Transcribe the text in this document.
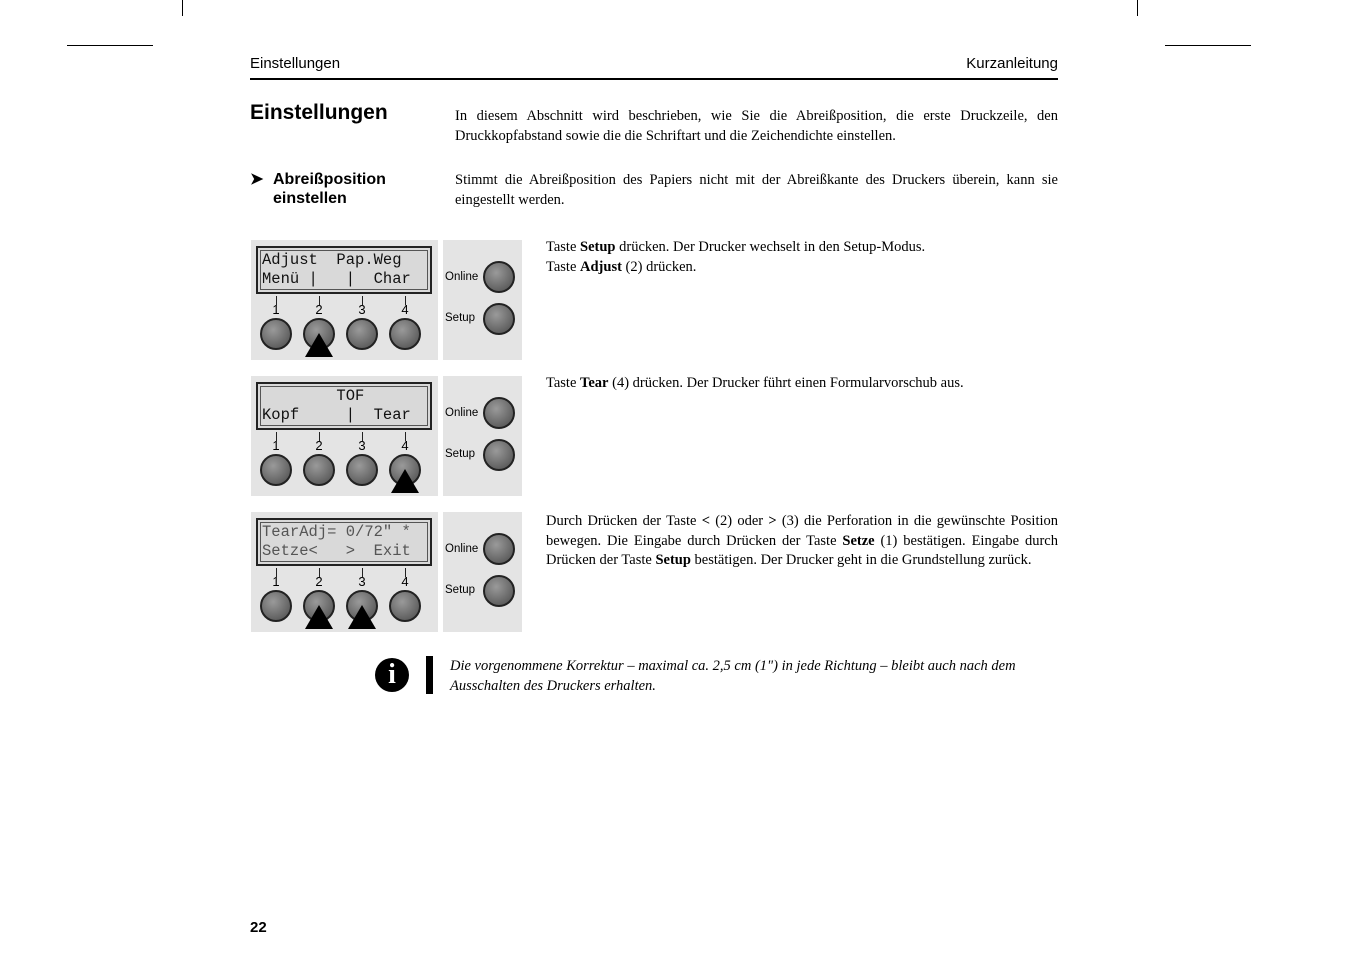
Einstellungen	Kurzanleitung
Einstellungen	In diesem Abschnitt wird beschrieben, wie Sie die Abreißposition, die erste Druckzeile, den Druckkopfabstand sowie die die Schriftart und die Zeichendichte einstellen.
➤ Abreißposition
einstellen
Stimmt die Abreißposition des Papiers nicht mit der Abreißkante des Druckers überein, kann sie eingestellt werden.
Adjust  Pap.Weg
Menü |   |  Char
1	2	3	4
Online
Setup
Taste Setup drücken. Der Drucker wechselt in den Setup-Modus.
Taste Adjust (2) drücken.
TOF
Kopf     |  Tear
1	2	3	4
Online
Setup
Taste Tear (4) drücken. Der Drucker führt einen Formularvorschub aus.
TearAdj= 0/72" *
Setze<   >  Exit
1	2	3	4
Online
Setup
Durch Drücken der Taste < (2) oder > (3) die Perforation in die gewünschte Position bewegen. Die Eingabe durch Drücken der Taste Setze (1) bestätigen. Eingabe durch Drücken der Taste Setup bestätigen. Der Drucker geht in die Grundstellung zurück.
i	Die vorgenommene Korrektur – maximal ca. 2,5 cm (1") in jede Richtung – bleibt auch nach dem Ausschalten des Druckers erhalten.
22
